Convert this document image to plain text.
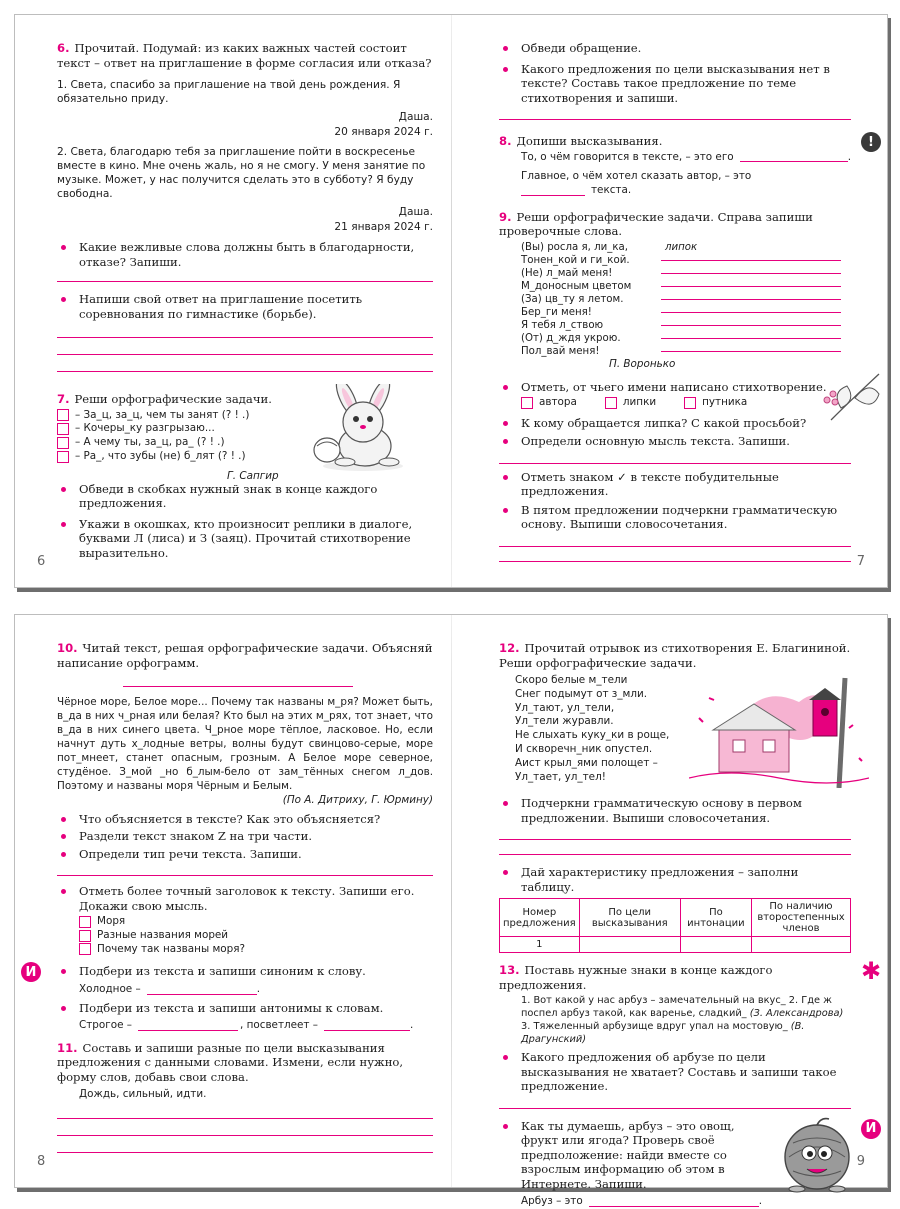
6. Прочитай. Подумай: из каких важных частей состоит текст – ответ на приглашение в форме согласия или отказа?

1. Света, спасибо за приглашение на твой день рождения. Я обязательно приду.

Даша.

20 января 2024 г.

2. Света, благодарю тебя за приглашение пойти в воскресенье вместе в кино. Мне очень жаль, но я не смогу. У меня занятие по музыке. Может, у нас получится сделать это в субботу? Я буду свободна.

Даша.

21 января 2024 г.

Какие вежливые слова должны быть в благодарности, отказе? Запиши.

Напиши свой ответ на приглашение посетить соревнования по гимнастике (борьбе).

7. Реши орфографические задачи.

– За_ц, за_ц, чем ты занят (? ! .)
– Кочеры_ку разгрызаю...
– А чему ты, за_ц, ра_ (? ! .)
– Ра_, что зубы (не) б_лят (? ! .)

Г. Сапгир

Обведи в скобках нужный знак в конце каждого предложения.

Укажи в окошках, кто произносит реплики в диалоге, буквами Л (лиса) и З (заяц). Прочитай стихотворение выразительно.

6

Обведи обращение.

Какого предложения по цели высказывания нет в тексте? Составь такое предложение по теме стихотворения и запиши.

8. Допиши высказывания.	!
То, о чём говорится в тексте, – это его	.
Главное, о чём хотел сказать автор, – это
текста.

9. Реши орфографические задачи. Справа запиши проверочные слова.

(Вы) росла я, ли_ка,	липок
Тонен_кой и ги_кой.	

(Не) л_май меня!	

М_доносным цветом	

(За) цв_ту я летом.	

Бер_ги меня!	

Я тебя л_ствою	

(От) д_ждя укрою.	

Пол_вай меня!	

П. Воронько

Отметь, от чьего имени написано стихотворение.

автора	липки	путника

К кому обращается липка? С какой просьбой?

Определи основную мысль текста. Запиши.

Отметь знаком ✓ в тексте побудительные предложения.

В пятом предложении подчеркни грамматическую основу. Выпиши словосочетания.

7

10. Читай текст, решая орфографические задачи. Объясняй написание орфограмм.

Чёрное море, Белое море... Почему так названы м_ря? Может быть, в_да в них ч_рная или белая? Кто был на этих м_рях, тот знает, что в_да в них синего цвета. Ч_рное море тёплое, ласковое. Но, если начнут дуть х_лодные ветры, волны будут свинцово-серые, море пот_мнеет, станет опасным, грозным. А Белое море северное, студёное. З_мой _но б_лым-бело от зам_тённых снегом л_дов. Поэтому и названы моря Чёрным и Белым.

(По А. Дитриху, Г. Юрмину)

Что объясняется в тексте? Как это объясняется?

Раздели текст знаком Z на три части.

Определи тип речи текста. Запиши.

Отметь более точный заголовок к тексту. Запиши его. Докажи свою мысль.

Моря
Разные названия морей
Почему так названы моря?
И	Подбери из текста и запиши синоним к слову.

Холодное –	.

Подбери из текста и запиши антонимы к словам.

Строгое –	, посветлеет –	.

11. Составь и запиши разные по цели высказывания предложения с данными словами. Измени, если нужно, форму слов, добавь свои слова.

Дождь, сильный, идти.

8

12. Прочитай отрывок из стихотворения Е. Благининой. Реши орфографические задачи.

Скоро белые м_тели
Снег подымут от з_мли.
Ул_тают, ул_тели,
Ул_тели журавли.
Не слыхать куку_ки в роще,
И скворечн_ник опустел.
Аист крыл_ями полощет –
Ул_тает, ул_тел!

Подчеркни грамматическую основу в первом предложении. Выпиши словосочетания.

Дай характеристику предложения – заполни таблицу.

Номер предложения	По цели высказывания	По интонации	По наличию второстепенных членов
1			

13. Поставь нужные знаки в конце каждого предложения.	✱

1. Вот какой у нас арбуз – замечательный на вкус_ 2. Где ж поспел арбуз такой, как варенье, сладкий_ (З. Александрова) 3. Тяжеленный арбузище вдруг упал на мостовую_ (В. Драгунский)

Какого предложения об арбузе по цели высказывания не хватает? Составь и запиши такое предложение.

Как ты думаешь, арбуз – это овощ, фрукт или ягода? Проверь своё предположение: найди вместе со взрослым информацию об этом в Интернете. Запиши.

Арбуз – это	.
И
9
